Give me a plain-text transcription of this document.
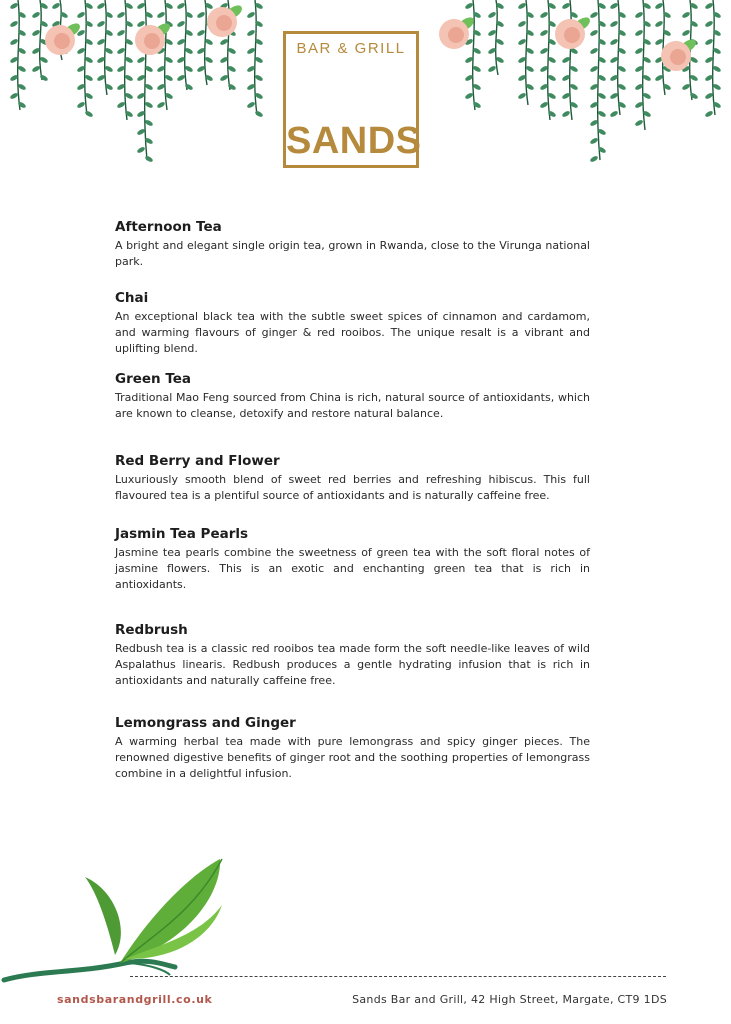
BAR & GRILL
SANDS
Afternoon Tea

A bright and elegant single origin tea, grown in Rwanda, close to the Virunga national park.

Chai

An exceptional black tea with the subtle sweet spices of cinnamon and cardamom, and warming flavours of ginger & red rooibos. The unique resalt is a vibrant and uplifting blend.

Green Tea

Traditional Mao Feng sourced from China is rich, natural source of antioxidants, which are known to cleanse, detoxify and restore natural balance.

Red Berry and Flower

Luxuriously smooth blend of sweet red berries and refreshing hibiscus. This full flavoured tea is a plentiful source of antioxidants and is naturally caffeine free.

Jasmin Tea Pearls

Jasmine tea pearls combine the sweetness of green tea with the soft floral notes of jasmine flowers. This is an exotic and enchanting green tea that is rich in antioxidants.

Redbrush

Redbush tea is a classic red rooibos tea made form the soft needle-like leaves of wild Aspalathus linearis. Redbush produces a gentle hydrating infusion that is rich in antioxidants and naturally caffeine free.

Lemongrass and Ginger

A warming herbal tea made with pure lemongrass and spicy ginger pieces. The renowned digestive benefits of ginger root and the soothing properties of lemongrass combine in a delightful infusion.

sandsbarandgrill.co.uk	Sands Bar and Grill, 42 High Street, Margate, CT9 1DS
